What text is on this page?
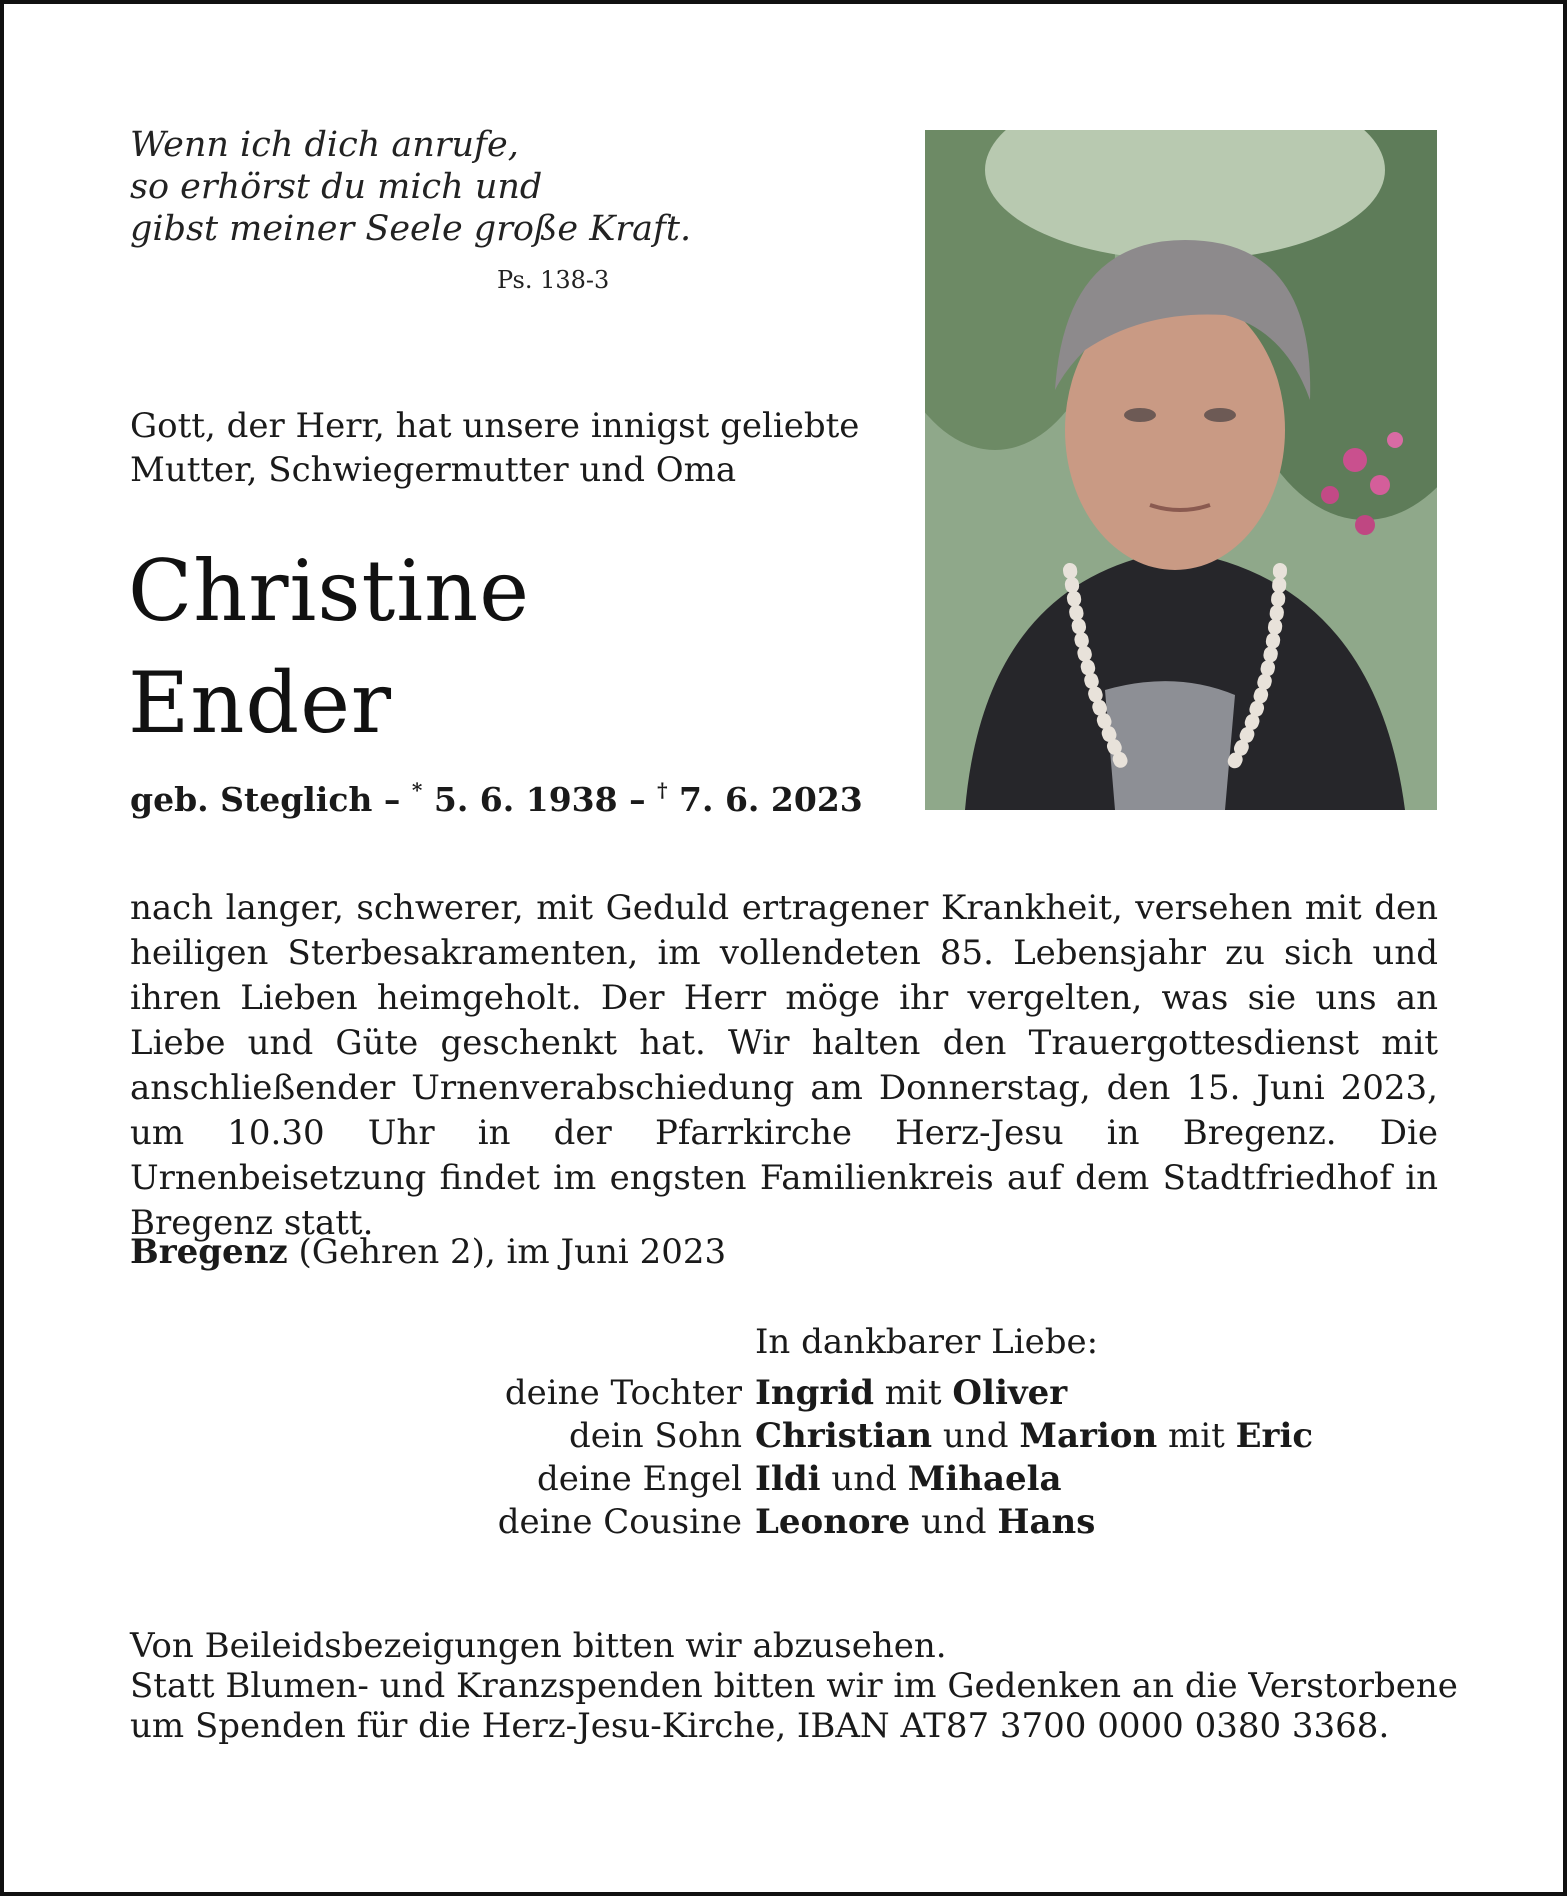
Wenn ich dich anrufe,
so erhörst du mich und
gibst meiner Seele große Kraft.
Ps. 138-3
Gott, der Herr, hat unsere innigst geliebte
Mutter, Schwiegermutter und Oma
Christine
Ender
geb. Steglich – * 5. 6. 1938 – † 7. 6. 2023
nach langer, schwerer, mit Geduld ertragener Krankheit, versehen mit den heiligen Sterbesakramenten, im vollendeten 85. Lebensjahr zu sich und ihren Lieben heimgeholt. Der Herr möge ihr vergelten, was sie uns an Liebe und Güte geschenkt hat. Wir halten den Trauergottesdienst mit anschließender Urnenverabschiedung am Donnerstag, den 15. Juni 2023, um 10.30 Uhr in der Pfarrkirche Herz-Jesu in Bregenz. Die Urnenbeisetzung findet im engsten Familienkreis auf dem Stadtfriedhof in Bregenz statt.
Bregenz (Gehren 2), im Juni 2023
In dankbarer Liebe:
deine Tochter Ingrid mit Oliver
dein Sohn Christian und Marion mit Eric
deine Engel Ildi und Mihaela
deine Cousine Leonore und Hans
Von Beileidsbezeigungen bitten wir abzusehen.
Statt Blumen- und Kranzspenden bitten wir im Gedenken an die Verstorbene
um Spenden für die Herz-Jesu-Kirche, IBAN AT87 3700 0000 0380 3368.
